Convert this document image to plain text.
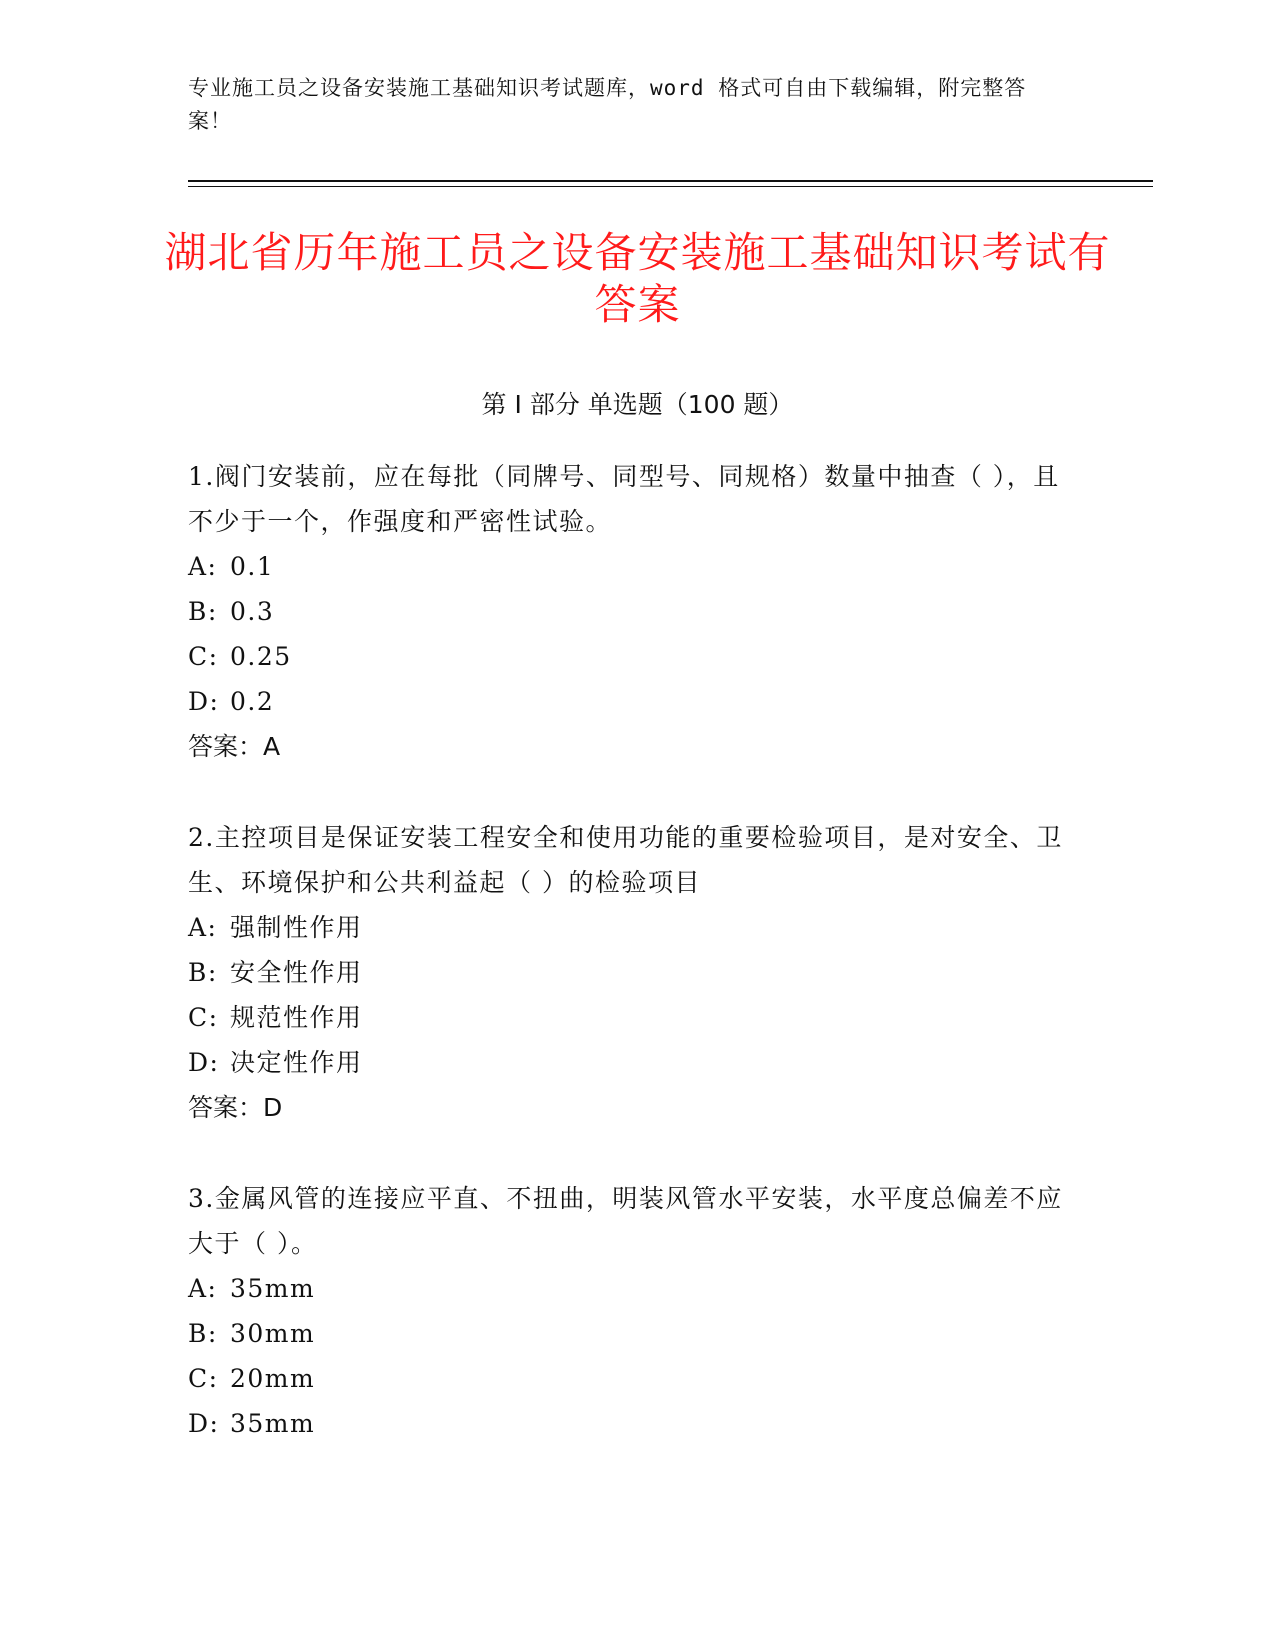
专业施工员之设备安装施工基础知识考试题库，word 格式可自由下载编辑，附完整答案！
湖北省历年施工员之设备安装施工基础知识考试有答案
第 I 部分 单选题（100 题）

1.阀门安装前，应在每批（同牌号、同型号、同规格）数量中抽查（ ），且不少于一个，作强度和严密性试验。

A: 0.1

B: 0.3

C: 0.25

D: 0.2

答案：A

2.主控项目是保证安装工程安全和使用功能的重要检验项目，是对安全、卫生、环境保护和公共利益起（ ）的检验项目

A: 强制性作用

B: 安全性作用

C: 规范性作用

D: 决定性作用

答案：D

3.金属风管的连接应平直、不扭曲，明装风管水平安装，水平度总偏差不应大于（ ）。

A: 35mm

B: 30mm

C: 20mm

D: 35mm
